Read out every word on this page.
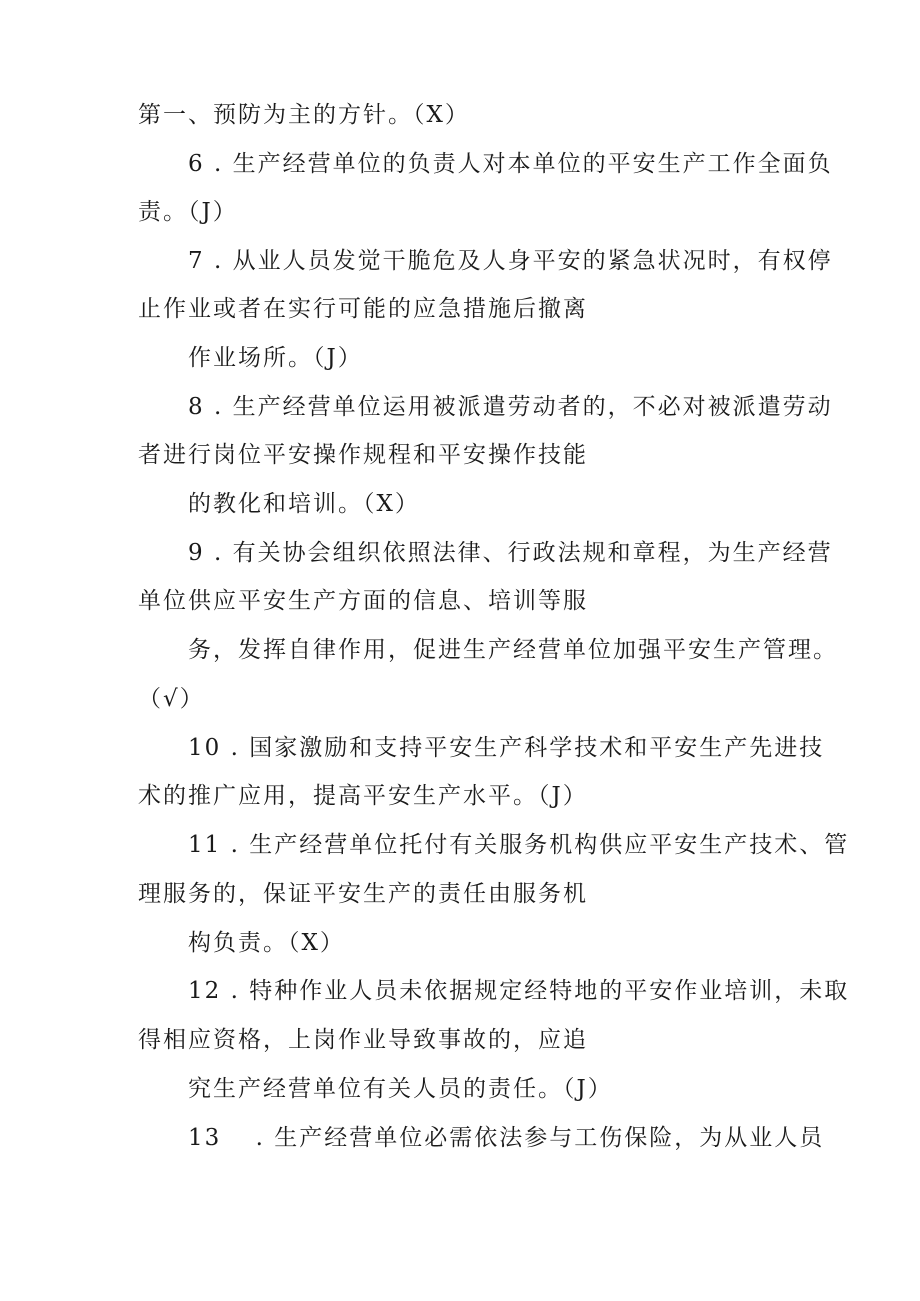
第一、预防为主的方针。（X）
6 . 生产经营单位的负责人对本单位的平安生产工作全面负
责。（J）
7 . 从业人员发觉干脆危及人身平安的紧急状况时，有权停
止作业或者在实行可能的应急措施后撤离
作业场所。（J）
8 . 生产经营单位运用被派遣劳动者的，不必对被派遣劳动
者进行岗位平安操作规程和平安操作技能
的教化和培训。（X）
9 . 有关协会组织依照法律、行政法规和章程，为生产经营
单位供应平安生产方面的信息、培训等服
务，发挥自律作用，促进生产经营单位加强平安生产管理。
（√）
10 . 国家激励和支持平安生产科学技术和平安生产先进技
术的推广应用，提高平安生产水平。（J）
11 . 生产经营单位托付有关服务机构供应平安生产技术、管
理服务的，保证平安生产的责任由服务机
构负责。（X）
12 . 特种作业人员未依据规定经特地的平安作业培训，未取
得相应资格，上岗作业导致事故的，应追
究生产经营单位有关人员的责任。（J）
13　 . 生产经营单位必需依法参与工伤保险，为从业人员
